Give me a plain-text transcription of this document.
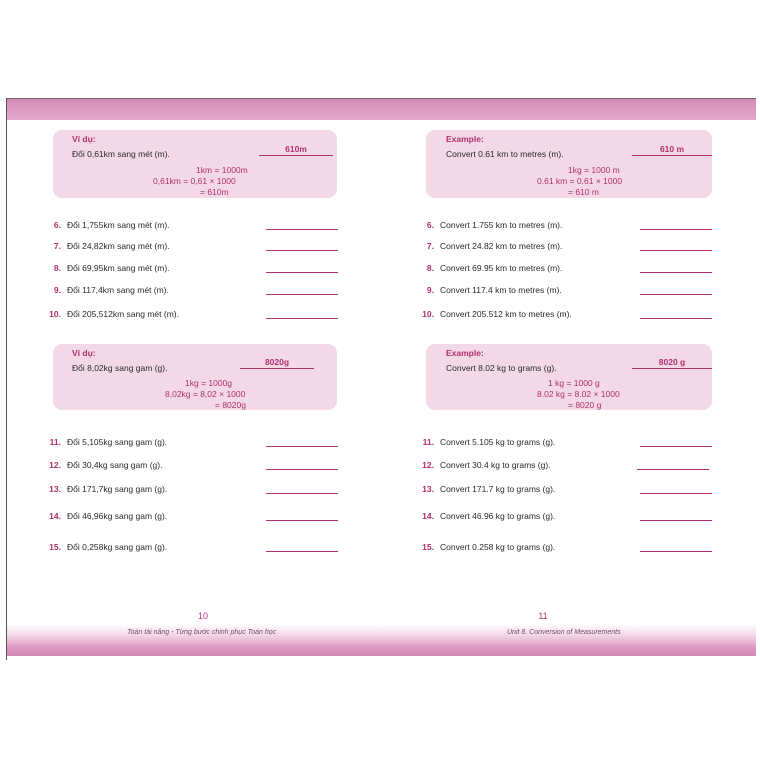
Ví dụ:
Đổi 0,61km sang mét (m).	610m
1km = 1000m
0,61km = 0,61 × 1000
= 610m
6. Đổi 1,755km sang mét (m).
7. Đổi 24,82km sang mét (m).
8. Đổi 69,95km sang mét (m).
9. Đổi 117,4km sang mét (m).
10. Đổi 205,512km sang mét (m).
Ví dụ:
Đổi 8,02kg sang gam (g).
8020g
1kg = 1000g
8,02kg = 8,02 × 1000
= 8020g
11. Đổi 5,105kg sang gam (g).
12. Đổi 30,4kg sang gam (g).
13. Đổi 171,7kg sang gam (g).
14. Đổi 46,96kg sang gam (g).
15. Đổi 0,258kg sang gam (g).
Example:
Convert 0.61 km to metres (m).	610 m
1kg = 1000 m
0.61 km = 0.61 × 1000
= 610 m
6. Convert 1.755 km to metres (m).
7. Convert 24.82 km to metres (m).
8. Convert 69.95 km to metres (m).
9. Convert 117.4 km to metres (m).
10. Convert 205.512 km to metres (m).
Example:
Convert 8.02 kg to grams (g).
8020 g
1 kg = 1000 g
8.02 kg = 8.02 × 1000
= 8020 g
11. Convert 5.105 kg to grams (g).
12. Convert 30.4 kg to grams (g).
13. Convert 171.7 kg to grams (g).
14. Convert 46.96 kg to grams (g).
15. Convert 0.258 kg to grams (g).
10
Toán tài năng - Từng bước chinh phục Toán học
11
Unit 8. Conversion of Measurements
